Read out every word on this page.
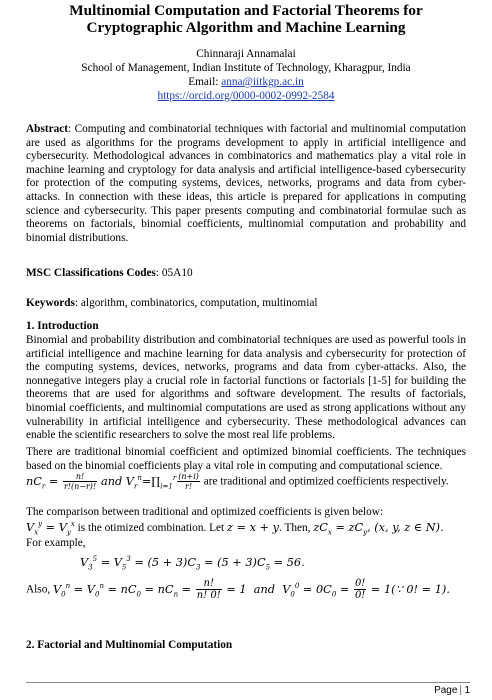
Multinomial Computation and Factorial Theorems for Cryptographic Algorithm and Machine Learning
Chinnaraji Annamalai
School of Management, Indian Institute of Technology, Kharagpur, India
Email: anna@iitkgp.ac.in
https://orcid.org/0000-0002-0992-2584
Abstract: Computing and combinatorial techniques with factorial and multinomial computation are used as algorithms for the programs development to apply in artificial intelligence and cybersecurity. Methodological advances in combinatorics and mathematics play a vital role in machine learning and cryptology for data analysis and artificial intelligence-based cybersecurity for protection of the computing systems, devices, networks, programs and data from cyber-attacks. In connection with these ideas, this article is prepared for applications in computing science and cybersecurity. This paper presents computing and combinatorial formulae such as theorems on factorials, binomial coefficients, multinomial computation and probability and binomial distributions.
MSC Classifications Codes: 05A10
Keywords: algorithm, combinatorics, computation, multinomial
1. Introduction
Binomial and probability distribution and combinatorial techniques are used as powerful tools in artificial intelligence and machine learning for data analysis and cybersecurity for protection of the computing systems, devices, networks, programs and data from cyber-attacks. Also, the nonnegative integers play a crucial role in factorial functions or factorials [1-5] for building the theorems that are used for algorithms and software development. The results of factorials, binomial coefficients, and multinomial computations are used as strong applications without any vulnerability in artificial intelligence and cybersecurity. These methodological advances can enable the scientific researchers to solve the most real life problems.
There are traditional binomial coefficient and optimized binomial coefficients. The techniques based on the binomial coefficients play a vital role in computing and computational science.
$nC_r = \frac{n!}{r!(n-r)!}$ and $V_r^n=\prod_{i=1}^r \frac{(n+i)}{r!}$ are traditional and optimized coefficients respectively.
The comparison between traditional and optimized coefficients is given below:
$V_x^y = V_y^x$ is the otimized combination. Let z = x + y. Then, $zC_x = zC_y$, (x, y, z ∈ N).
For example,
$V_3^5 = V_5^3 = (5 + 3)C_3 = (5 + 3)C_5 = 56$.
Also, $V_0^n = V_0^n = nC_0 = nC_n = \frac{n!}{n! 0!} = 1$  and  $V_0^0 = 0C_0 = \frac{0!}{0!}$ = 1(∵ 0! = 1).
2. Factorial and Multinomial Computation
Page 1
